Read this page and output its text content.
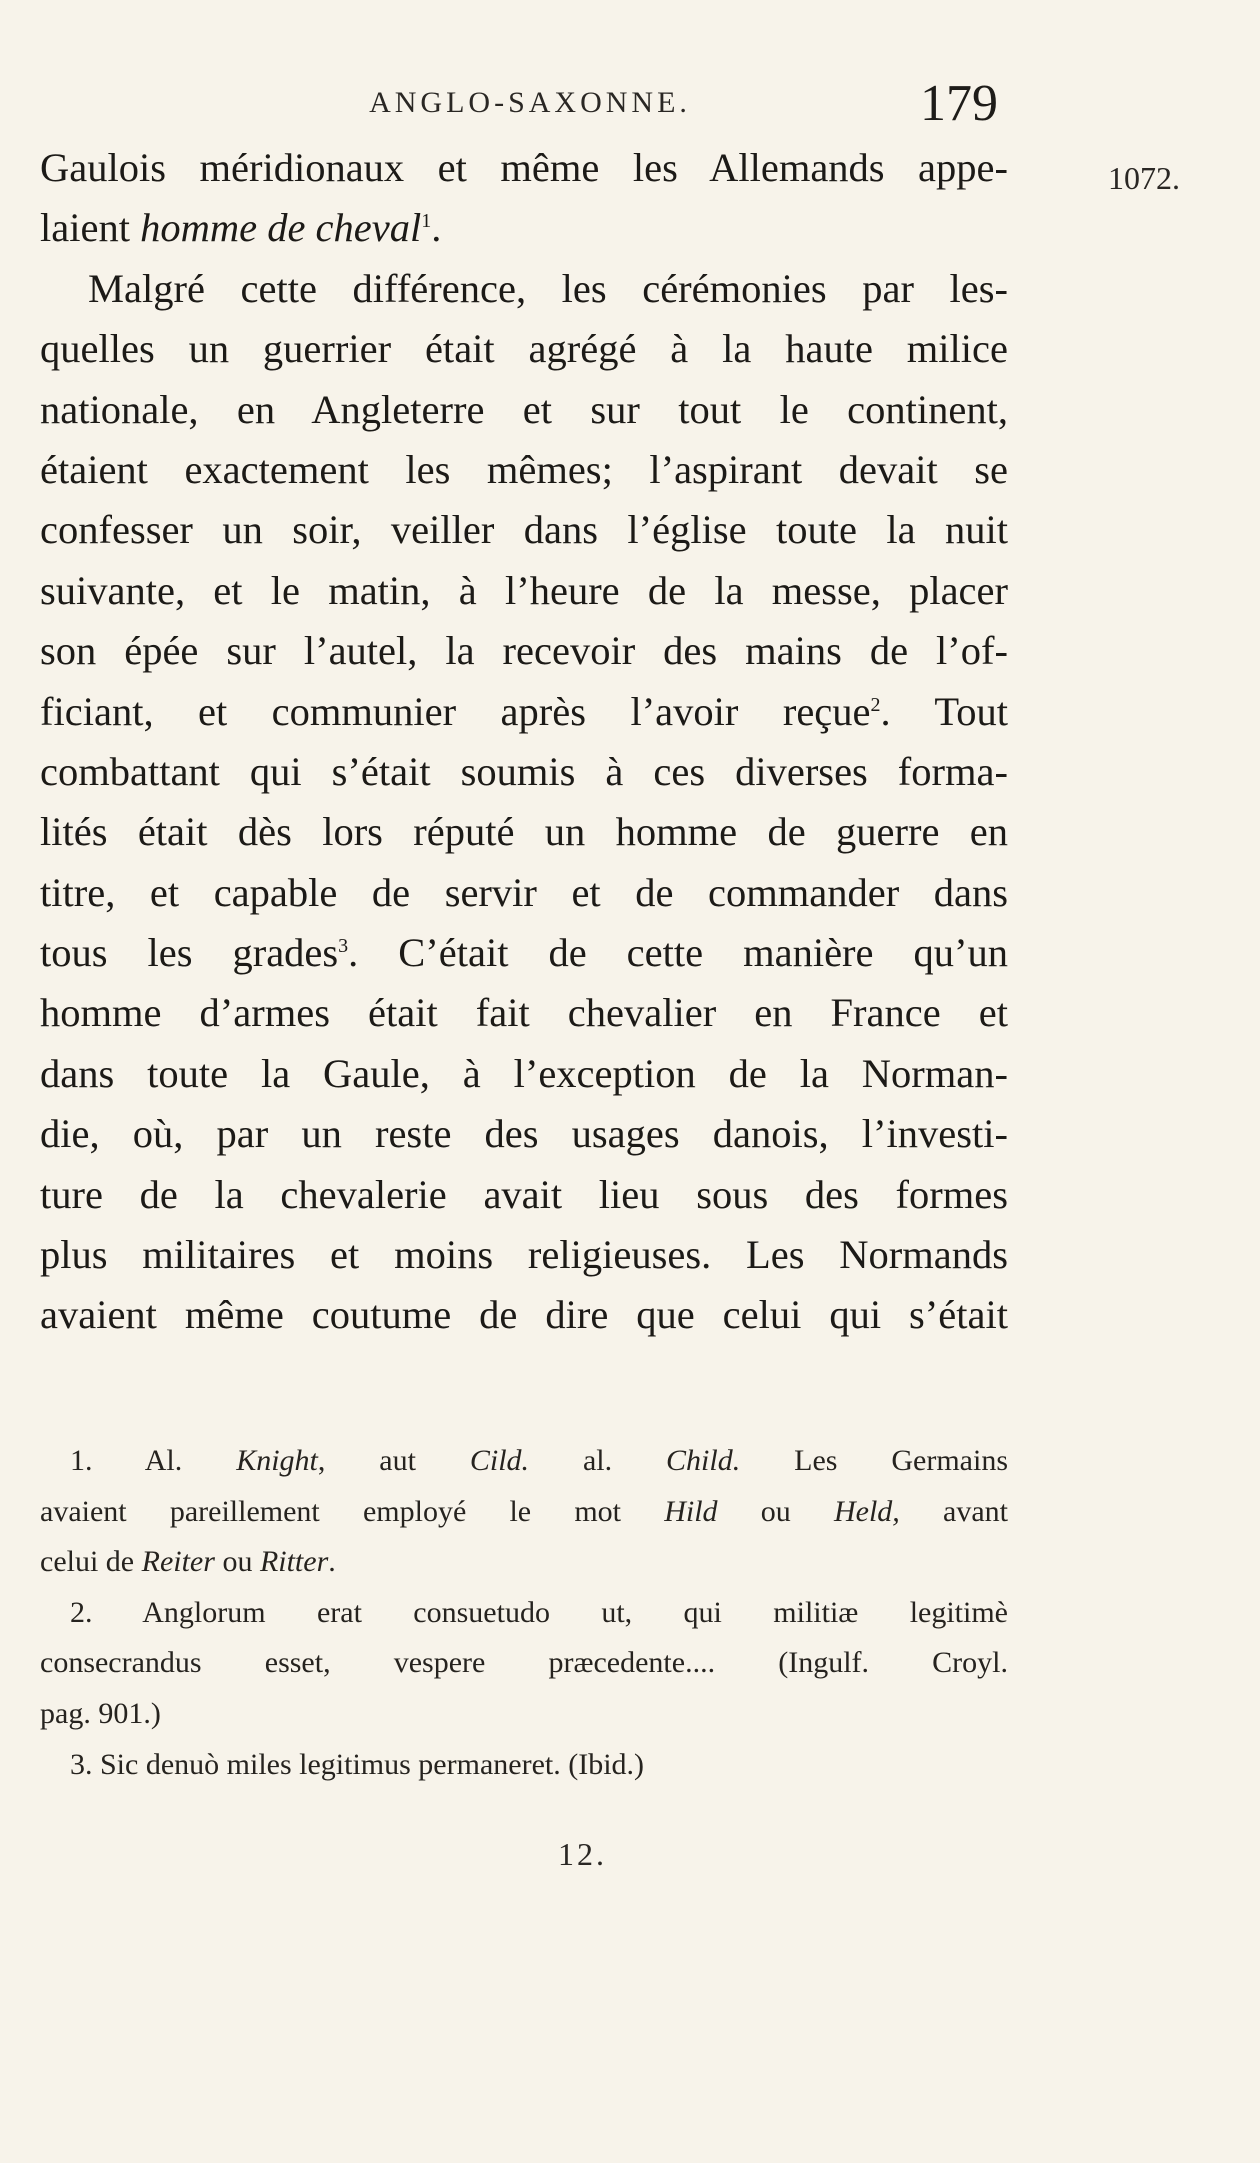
ANGLO-SAXONNE.	179
1072.
Gaulois méridionaux et même les Allemands appe-
laient homme de cheval$^1$.
Malgré cette différence, les cérémonies par les-
quelles un guerrier était agrégé à la haute milice
nationale, en Angleterre et sur tout le continent,
étaient exactement les mêmes; l’aspirant devait se
confesser un soir, veiller dans l’église toute la nuit
suivante, et le matin, à l’heure de la messe, placer
son épée sur l’autel, la recevoir des mains de l’of-
ficiant, et communier après l’avoir reçue$^2$. Tout
combattant qui s’était soumis à ces diverses forma-
lités était dès lors réputé un homme de guerre en
titre, et capable de servir et de commander dans
tous les grades$^3$. C’était de cette manière qu’un
homme d’armes était fait chevalier en France et
dans toute la Gaule, à l’exception de la Norman-
die, où, par un reste des usages danois, l’investi-
ture de la chevalerie avait lieu sous des formes
plus militaires et moins religieuses. Les Normands
avaient même coutume de dire que celui qui s’était
1. Al. Knight, aut Cild. al. Child. Les Germains
avaient pareillement employé le mot Hild ou Held, avant
celui de Reiter ou Ritter.
2. Anglorum erat consuetudo ut, qui militiæ legitimè
consecrandus esset, vespere præcedente.... (Ingulf. Croyl.
pag. 901.)
3. Sic denuò miles legitimus permaneret. (Ibid.)
12.
